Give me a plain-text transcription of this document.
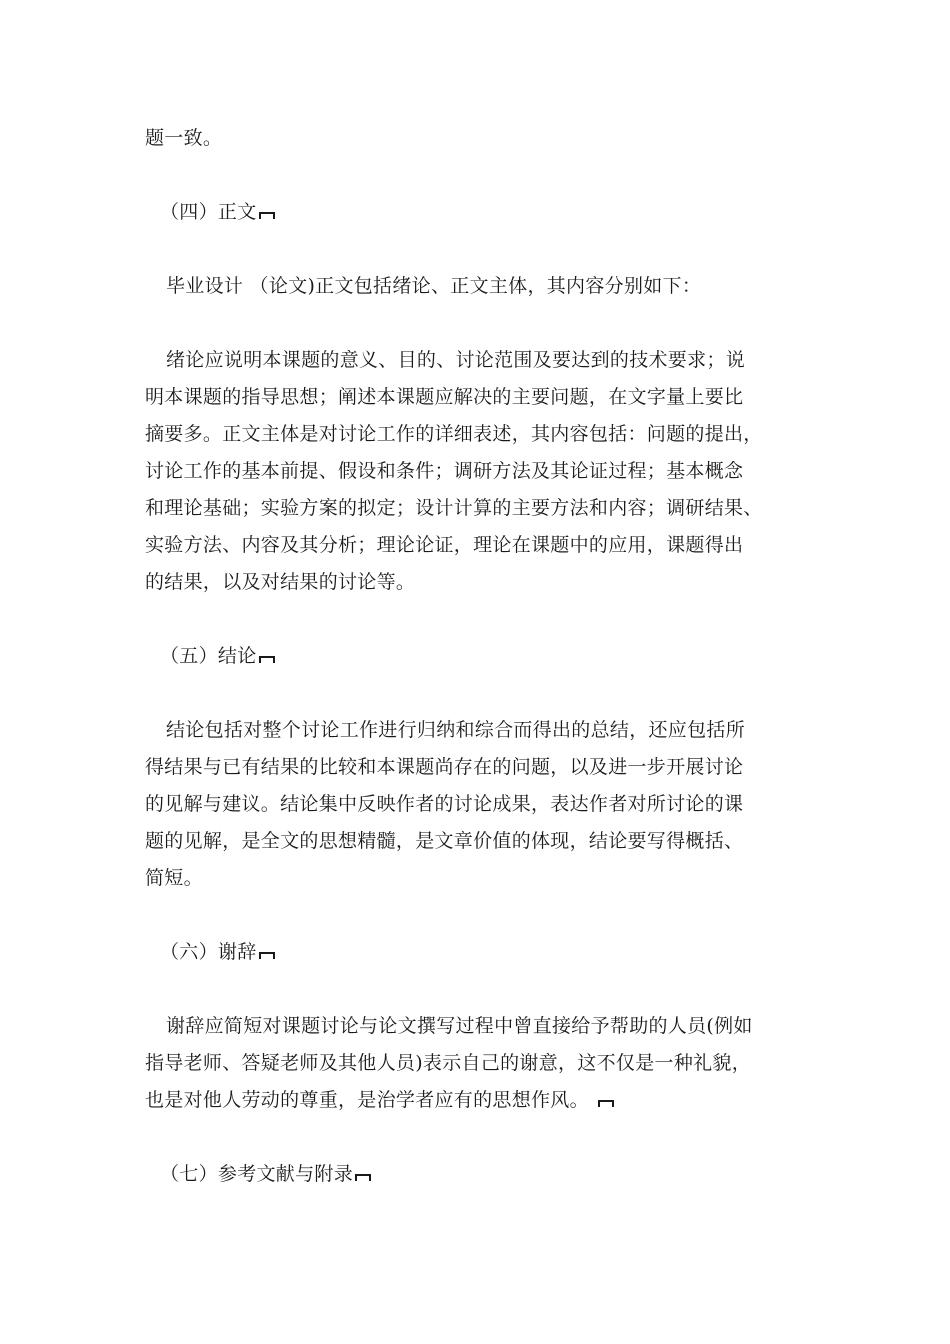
题一致。
（四）正文
毕业设计 （论文)正文包括绪论、正文主体，其内容分别如下：
绪论应说明本课题的意义、目的、讨论范围及要达到的技术要求；说
明本课题的指导思想；阐述本课题应解决的主要问题，在文字量上要比
摘要多。正文主体是对讨论工作的详细表述，其内容包括：问题的提出，
讨论工作的基本前提、假设和条件；调研方法及其论证过程；基本概念
和理论基础；实验方案的拟定；设计计算的主要方法和内容；调研结果、
实验方法、内容及其分析；理论论证，理论在课题中的应用，课题得出
的结果，以及对结果的讨论等。
（五）结论
结论包括对整个讨论工作进行归纳和综合而得出的总结，还应包括所
得结果与已有结果的比较和本课题尚存在的问题，以及进一步开展讨论
的见解与建议。结论集中反映作者的讨论成果，表达作者对所讨论的课
题的见解，是全文的思想精髓，是文章价值的体现，结论要写得概括、
简短。
（六）谢辞
谢辞应简短对课题讨论与论文撰写过程中曾直接给予帮助的人员(例如
指导老师、答疑老师及其他人员)表示自己的谢意，这不仅是一种礼貌，
也是对他人劳动的尊重，是治学者应有的思想作风。
（七）参考文献与附录
